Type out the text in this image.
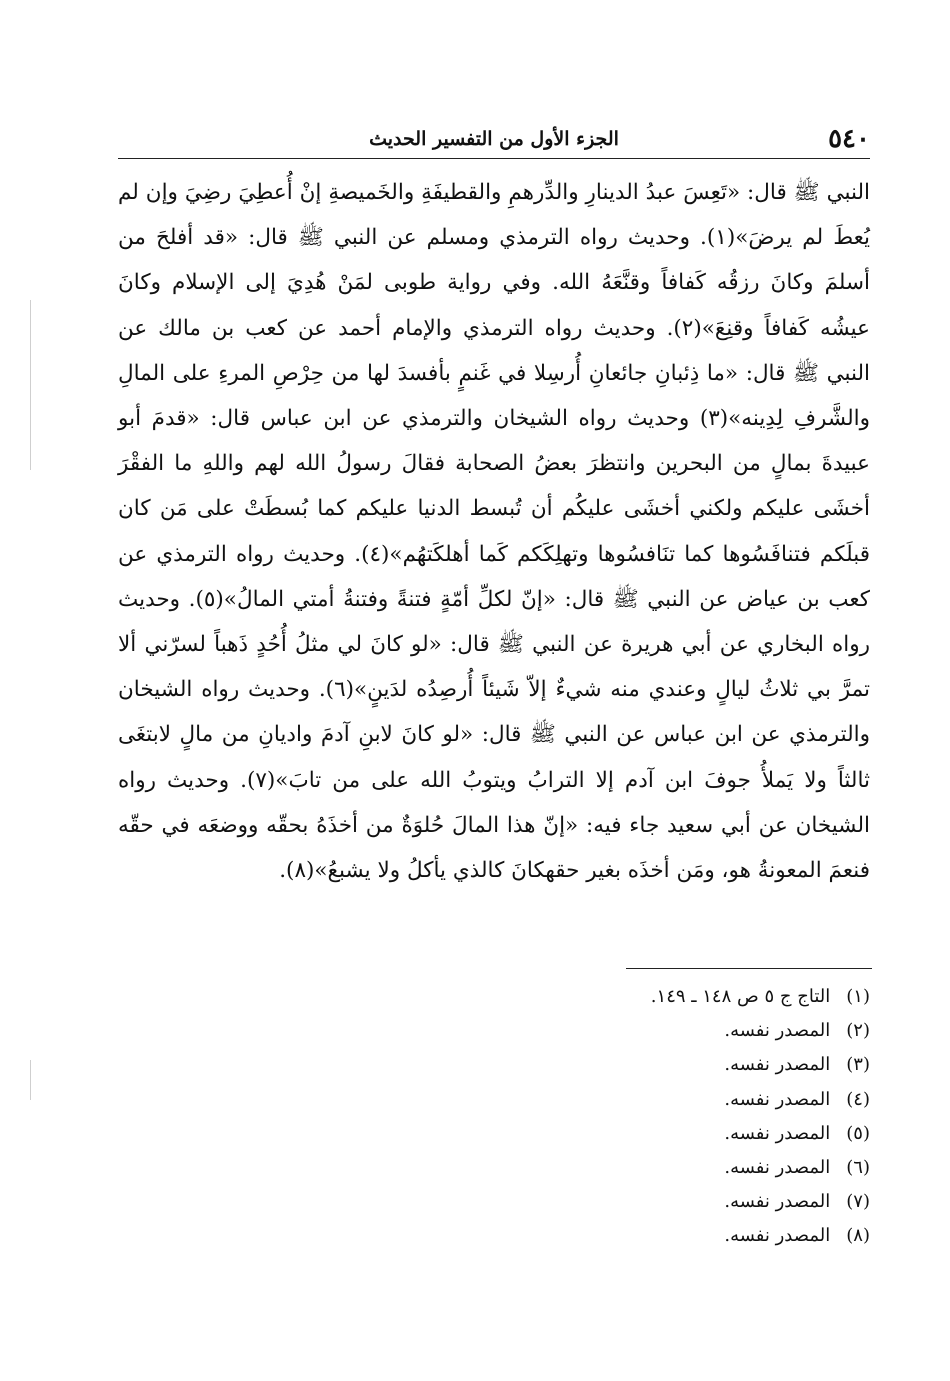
٥٤٠
الجزء الأول من التفسير الحديث

النبي ﷺ قال: «تَعِسَ عبدُ الدينارِ والدِّرهمِ والقطيفَةِ والخَميصةِ إنْ أُعطِيَ رضِيَ وإن لم يُعطَ لم يرضَ»(١). وحديث رواه الترمذي ومسلم عن النبي ﷺ قال: «قد أفلحَ من أسلمَ وكانَ رزقُه كَفافاً وقنَّعَهُ الله. وفي رواية طوبى لمَنْ هُدِيَ إلى الإسلام وكانَ عيشُه كَفافاً وقنِعَ»(٢). وحديث رواه الترمذي والإمام أحمد عن كعب بن مالك عن النبي ﷺ قال: «ما ذِئبانِ جائعانِ أُرسِلا في غَنمٍ بأفسدَ لها من حِرْصِ المرءِ على المالِ والشَّرفِ لِدِينه»(٣) وحديث رواه الشيخان والترمذي عن ابن عباس قال: «قدمَ أبو عبيدةَ بمالٍ من البحرين وانتظرَ بعضُ الصحابة فقالَ رسولُ الله لهم واللهِ ما الفقْرَ أخشَى عليكم ولكني أخشَى عليكُم أن تُبسط الدنيا عليكم كما بُسطَتْ على مَن كان قبلَكم فتنافَسُوها كما تنَافسُوها وتهلِكَكم كَما أهلكَتهُم»(٤). وحديث رواه الترمذي عن كعب بن عياض عن النبي ﷺ قال: «إنّ لكلِّ أمّةٍ فتنةً وفتنةُ أمتي المالُ»(٥). وحديث رواه البخاري عن أبي هريرة عن النبي ﷺ قال: «لو كانَ لي مثلُ أُحُدٍ ذَهباً لسرّني ألا تمرَّ بي ثلاثُ ليالٍ وعندي منه شيءٌ إلاّ شَيئاً أُرصِدُه لدَينٍ»(٦). وحديث رواه الشيخان والترمذي عن ابن عباس عن النبي ﷺ قال: «لو كانَ لابنِ آدمَ واديانِ من مالٍ لابتغَى ثالثاً ولا يَملأُ جوفَ ابن آدم إلا الترابُ ويتوبُ الله على من تابَ»(٧). وحديث رواه الشيخان عن أبي سعيد جاء فيه: «إنّ هذا المالَ حُلوَةٌ من أخذَهُ بحقّه ووضعَه في حقّه فنعمَ المعونةُ هو، ومَن أخذَه بغير حقهكانَ كالذي يأكلُ ولا يشبعُ»(٨).

(١) التاج ج ٥ ص ١٤٨ ـ ١٤٩.
(٢) المصدر نفسه.
(٣) المصدر نفسه.
(٤) المصدر نفسه.
(٥) المصدر نفسه.
(٦) المصدر نفسه.
(٧) المصدر نفسه.
(٨) المصدر نفسه.
